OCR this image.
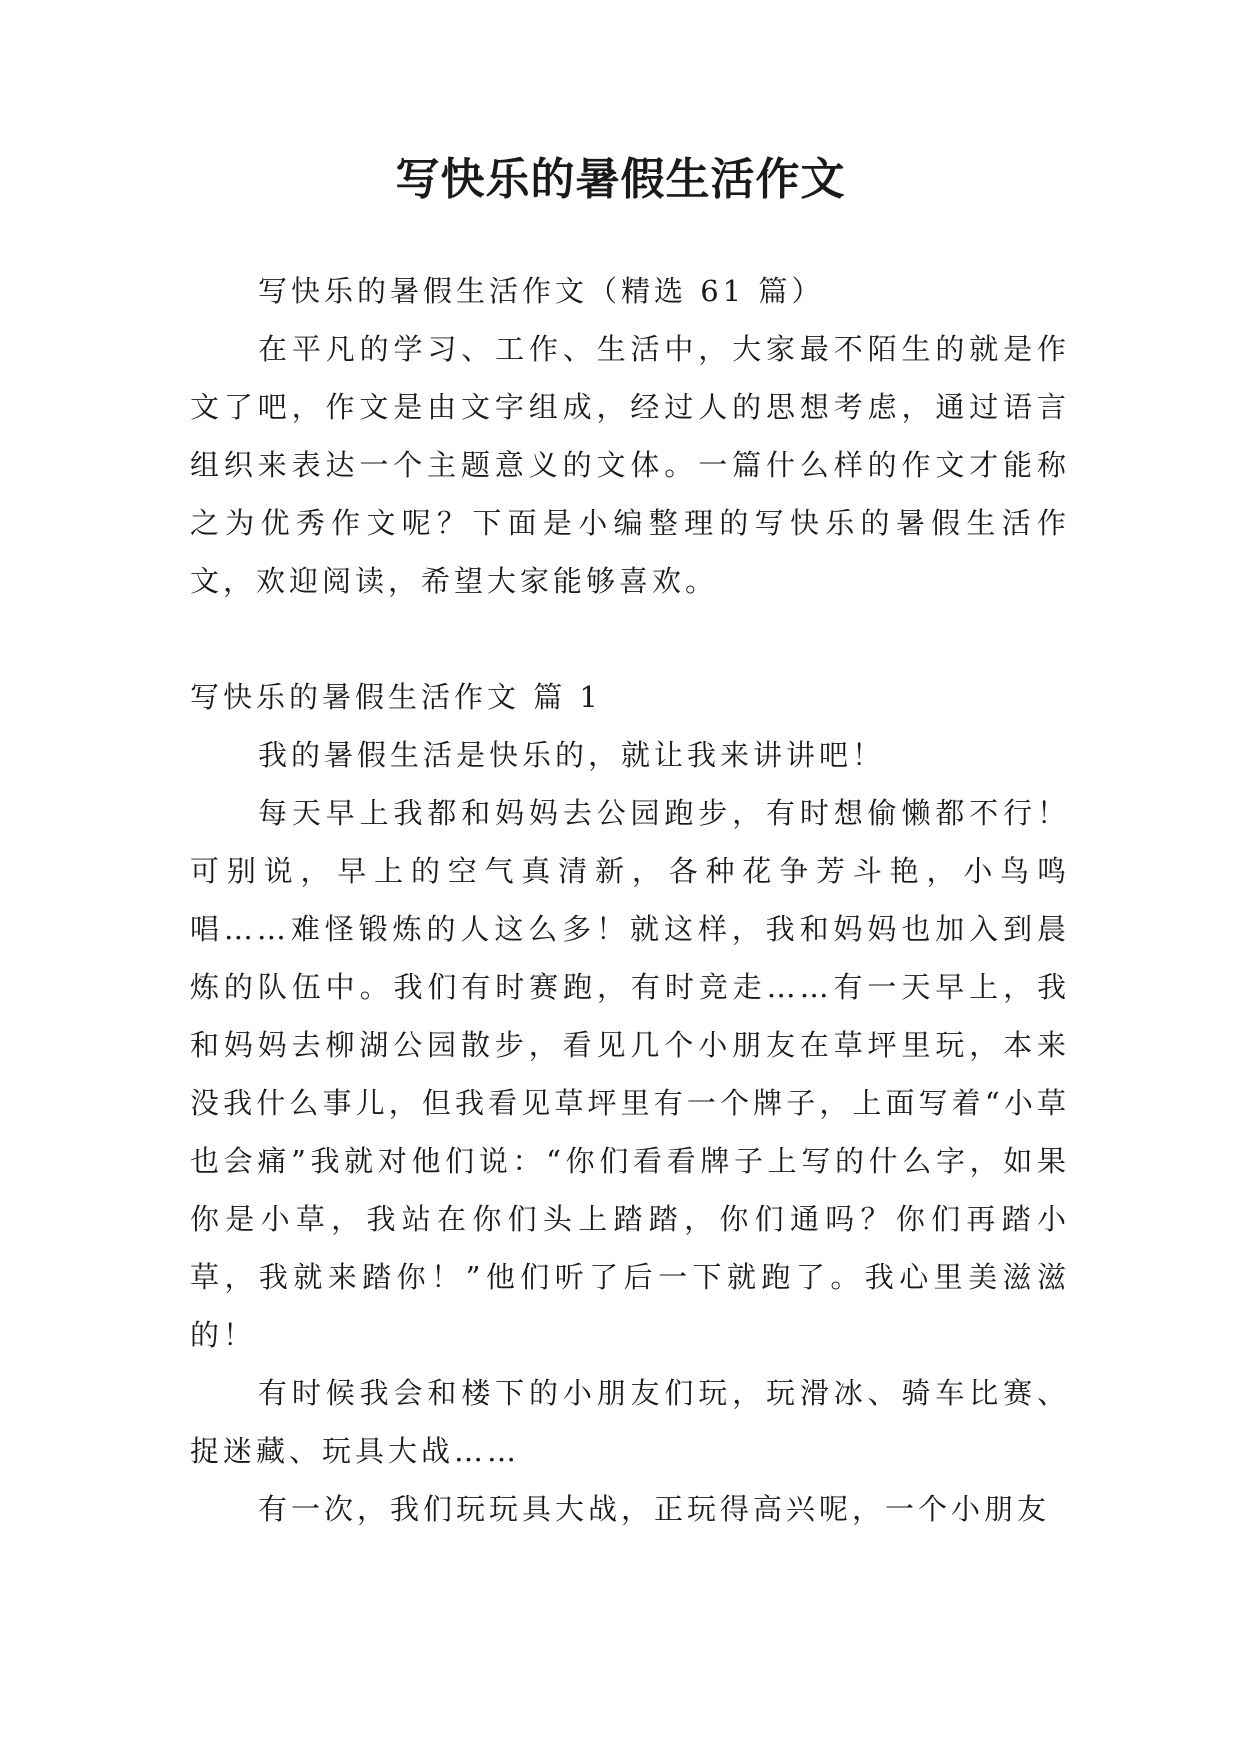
写快乐的暑假生活作文

写快乐的暑假生活作文（精选 61 篇）

在平凡的学习、工作、生活中，大家最不陌生的就是作文了吧，作文是由文字组成，经过人的思想考虑，通过语言组织来表达一个主题意义的文体。一篇什么样的作文才能称之为优秀作文呢？下面是小编整理的写快乐的暑假生活作文，欢迎阅读，希望大家能够喜欢。

写快乐的暑假生活作文 篇 1

我的暑假生活是快乐的，就让我来讲讲吧！

每天早上我都和妈妈去公园跑步，有时想偷懒都不行！可别说，早上的空气真清新，各种花争芳斗艳，小鸟鸣唱……难怪锻炼的人这么多！就这样，我和妈妈也加入到晨炼的队伍中。我们有时赛跑，有时竞走……有一天早上，我和妈妈去柳湖公园散步，看见几个小朋友在草坪里玩，本来没我什么事儿，但我看见草坪里有一个牌子，上面写着“小草也会痛”我就对他们说：“你们看看牌子上写的什么字，如果你是小草，我站在你们头上踏踏，你们通吗？你们再踏小草，我就来踏你！”他们听了后一下就跑了。我心里美滋滋的！

有时候我会和楼下的小朋友们玩，玩滑冰、骑车比赛、捉迷藏、玩具大战……

有一次，我们玩玩具大战，正玩得高兴呢，一个小朋友
